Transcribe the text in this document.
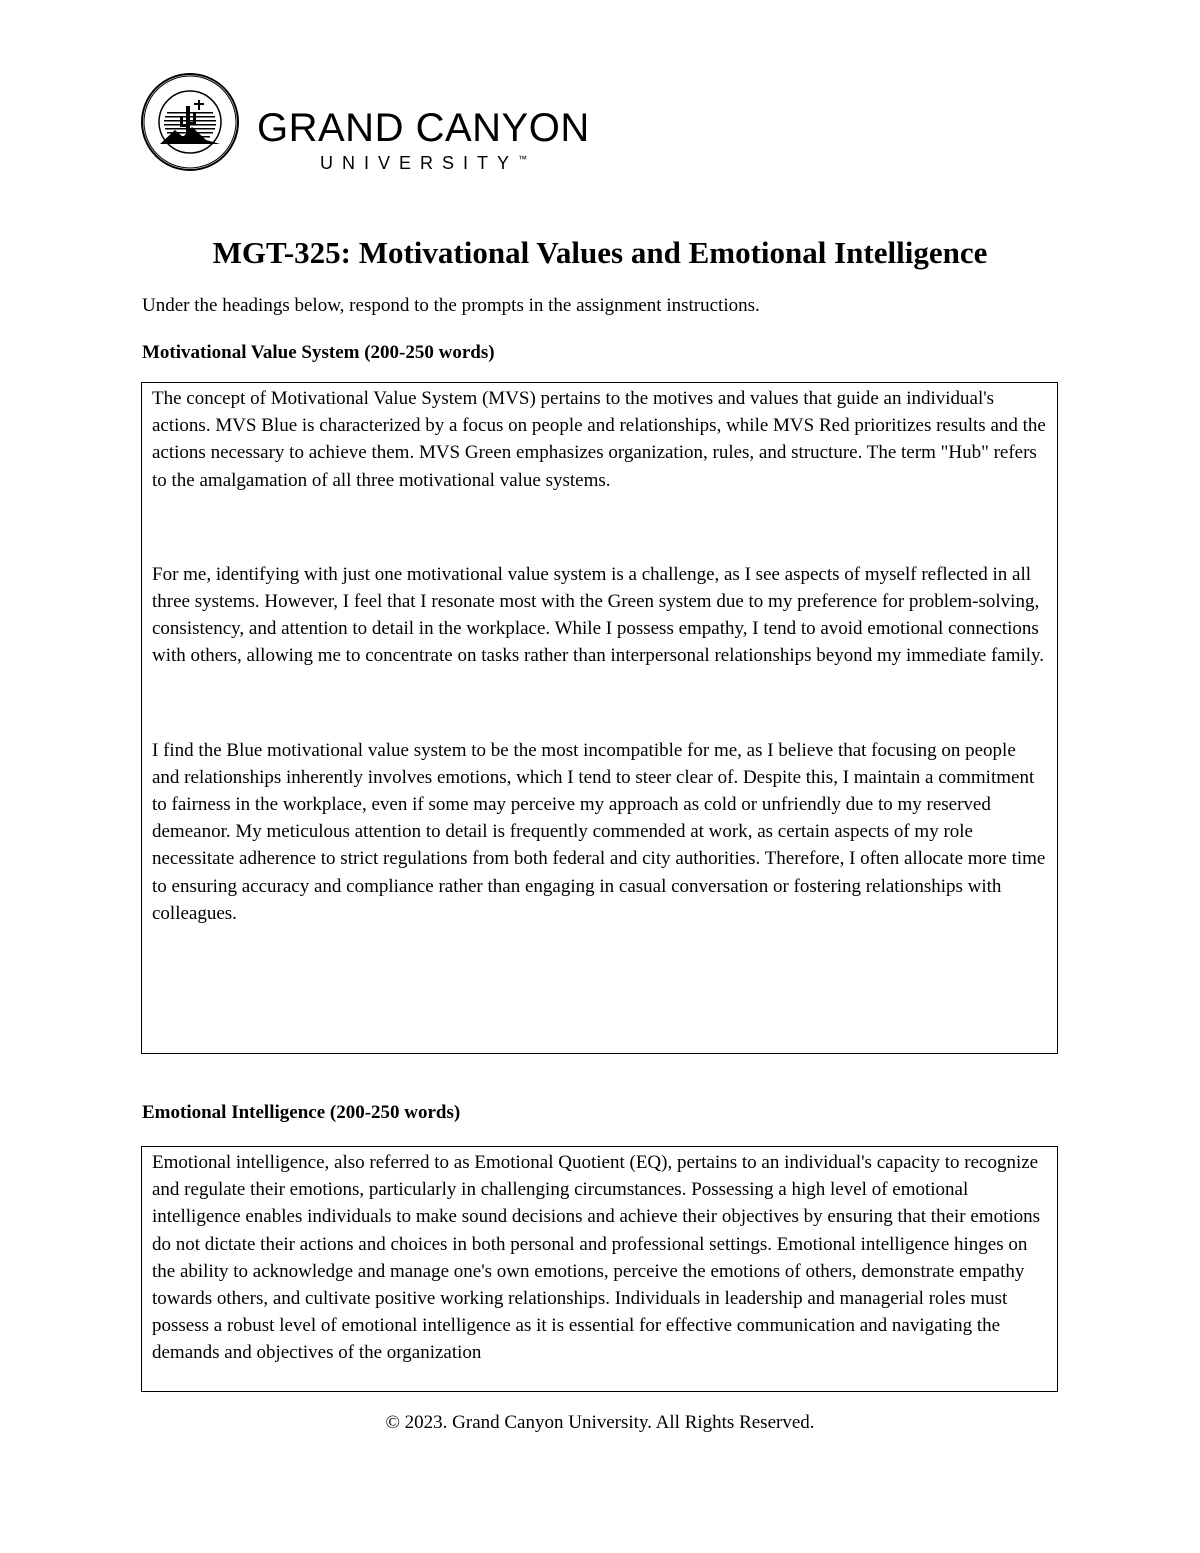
GRAND CANYON
UNIVERSITY™
MGT-325: Motivational Values and Emotional Intelligence
Under the headings below, respond to the prompts in the assignment instructions.
Motivational Value System (200-250 words)

The concept of Motivational Value System (MVS) pertains to the motives and values that guide an individual's actions. MVS Blue is characterized by a focus on people and relationships, while MVS Red prioritizes results and the actions necessary to achieve them. MVS Green emphasizes organization, rules, and structure. The term "Hub" refers to the amalgamation of all three motivational value systems.

For me, identifying with just one motivational value system is a challenge, as I see aspects of myself reflected in all three systems. However, I feel that I resonate most with the Green system due to my preference for problem-solving, consistency, and attention to detail in the workplace. While I possess empathy, I tend to avoid emotional connections with others, allowing me to concentrate on tasks rather than interpersonal relationships beyond my immediate family.

I find the Blue motivational value system to be the most incompatible for me, as I believe that focusing on people and relationships inherently involves emotions, which I tend to steer clear of. Despite this, I maintain a commitment to fairness in the workplace, even if some may perceive my approach as cold or unfriendly due to my reserved demeanor. My meticulous attention to detail is frequently commended at work, as certain aspects of my role necessitate adherence to strict regulations from both federal and city authorities. Therefore, I often allocate more time to ensuring accuracy and compliance rather than engaging in casual conversation or fostering relationships with colleagues.

Emotional Intelligence (200-250 words)

Emotional intelligence, also referred to as Emotional Quotient (EQ), pertains to an individual's capacity to recognize and regulate their emotions, particularly in challenging circumstances. Possessing a high level of emotional intelligence enables individuals to make sound decisions and achieve their objectives by ensuring that their emotions do not dictate their actions and choices in both personal and professional settings. Emotional intelligence hinges on the ability to acknowledge and manage one's own emotions, perceive the emotions of others, demonstrate empathy towards others, and cultivate positive working relationships. Individuals in leadership and managerial roles must possess a robust level of emotional intelligence as it is essential for effective communication and navigating the demands and objectives of the organization

© 2023. Grand Canyon University. All Rights Reserved.
